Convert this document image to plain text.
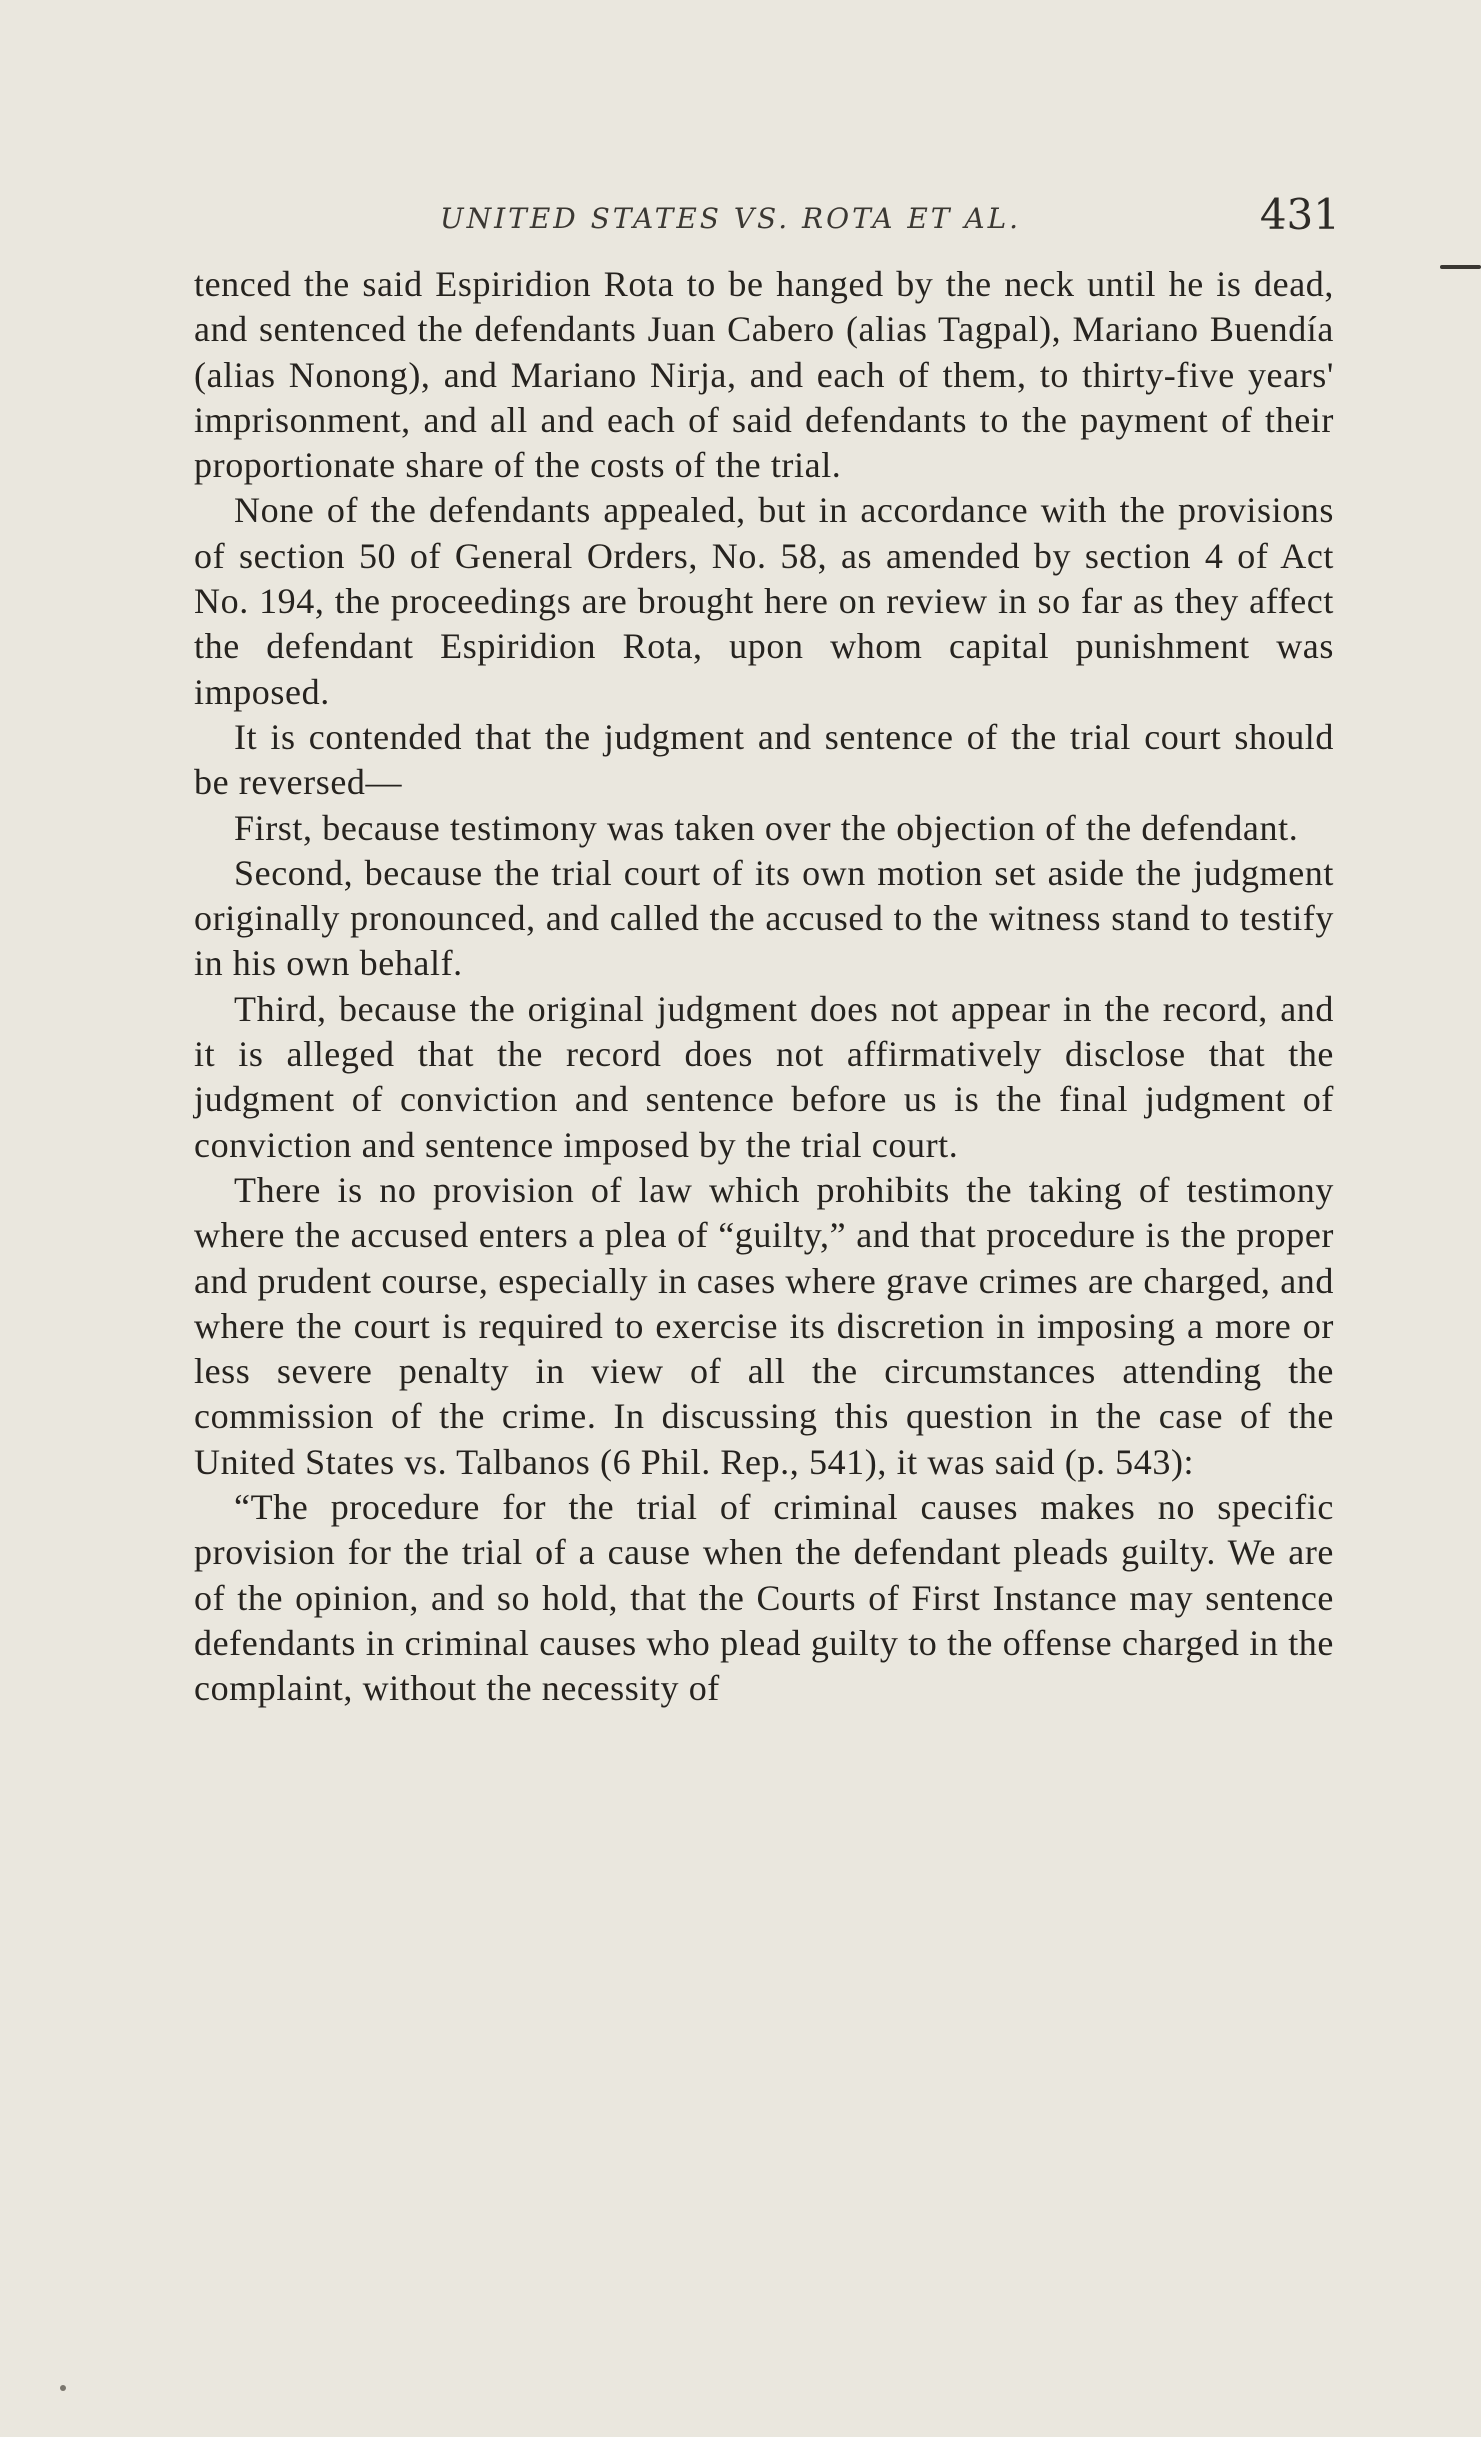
UNITED STATES VS. ROTA ET AL.	431

tenced the said Espiridion Rota to be hanged by the neck until he is dead, and sentenced the defendants Juan Cabero (alias Tagpal), Mariano Buendía (alias Nonong), and Mariano Nirja, and each of them, to thirty-five years' imprisonment, and all and each of said defendants to the payment of their proportionate share of the costs of the trial.

None of the defendants appealed, but in accordance with the provisions of section 50 of General Orders, No. 58, as amended by section 4 of Act No. 194, the proceedings are brought here on review in so far as they affect the defendant Espiridion Rota, upon whom capital punishment was imposed.

It is contended that the judgment and sentence of the trial court should be reversed—

First, because testimony was taken over the objection of the defendant.

Second, because the trial court of its own motion set aside the judgment originally pronounced, and called the accused to the witness stand to testify in his own behalf.

Third, because the original judgment does not appear in the record, and it is alleged that the record does not affirmatively disclose that the judgment of conviction and sentence before us is the final judgment of conviction and sentence imposed by the trial court.

There is no provision of law which prohibits the taking of testimony where the accused enters a plea of “guilty,” and that procedure is the proper and prudent course, especially in cases where grave crimes are charged, and where the court is required to exercise its discretion in imposing a more or less severe penalty in view of all the circumstances attending the commission of the crime. In discussing this question in the case of the United States vs. Talbanos (6 Phil. Rep., 541), it was said (p. 543):

“The procedure for the trial of criminal causes makes no specific provision for the trial of a cause when the defendant pleads guilty. We are of the opinion, and so hold, that the Courts of First Instance may sentence defendants in criminal causes who plead guilty to the offense charged in the complaint, without the necessity of
